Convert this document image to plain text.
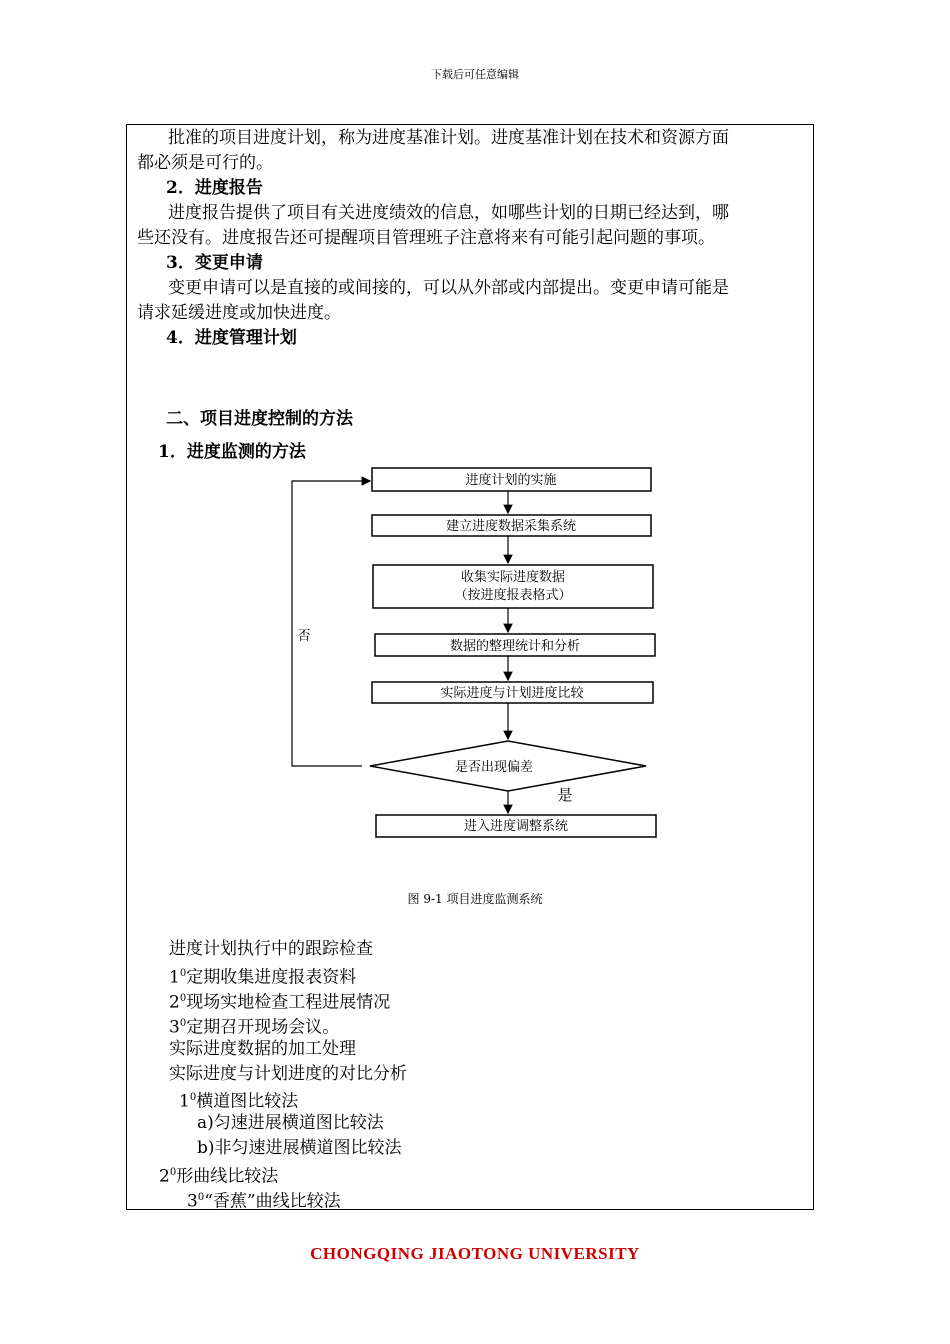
下载后可任意编辑
批准的项目进度计划，称为进度基准计划。进度基准计划在技术和资源方面
都必须是可行的。
2．进度报告
进度报告提供了项目有关进度绩效的信息，如哪些计划的日期已经达到，哪
些还没有。进度报告还可提醒项目管理班子注意将来有可能引起问题的事项。
3．变更申请
变更申请可以是直接的或间接的，可以从外部或内部提出。变更申请可能是
请求延缓进度或加快进度。
4．进度管理计划
二、项目进度控制的方法
1．进度监测的方法
进度计划的实施
建立进度数据采集系统
收集实际进度数据
（按进度报表格式）
数据的整理统计和分析
实际进度与计划进度比较
是否出现偏差
进入进度调整系统
否
是
图 9-1 项目进度监测系统
进度计划执行中的跟踪检查
$1^0$定期收集进度报表资料
$2^0$现场实地检查工程进展情况
$3^0$定期召开现场会议。
实际进度数据的加工处理
实际进度与计划进度的对比分析
$1^0$横道图比较法
a)匀速进展横道图比较法
b)非匀速进展横道图比较法
$2^0$形曲线比较法
$3^0“$香蕉”曲线比较法
CHONGQING JIAOTONG UNIVERSITY
